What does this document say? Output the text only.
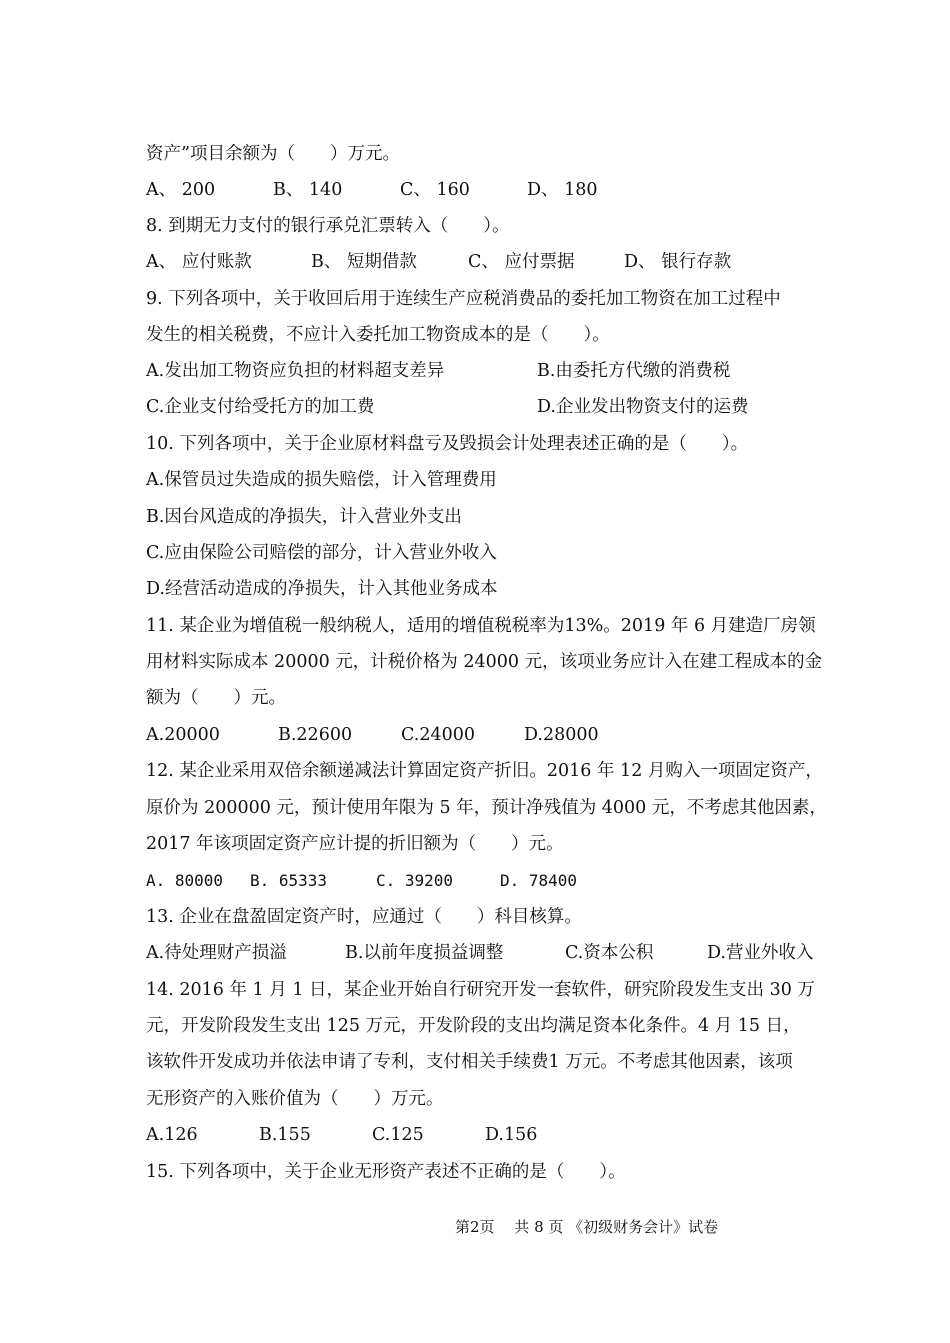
资产”项目余额为（　　）万元。
A、 200	B、 140	C、 160	D、 180
8. 到期无力支付的银行承兑汇票转入（　　）。
A、 应付账款	B、 短期借款	C、 应付票据	D、 银行存款
9. 下列各项中，关于收回后用于连续生产应税消费品的委托加工物资在加工过程中
发生的相关税费，不应计入委托加工物资成本的是（　　）。
A.发出加工物资应负担的材料超支差异	B.由委托方代缴的消费税
C.企业支付给受托方的加工费	D.企业发出物资支付的运费
10. 下列各项中，关于企业原材料盘亏及毁损会计处理表述正确的是（　　）。
A.保管员过失造成的损失赔偿，计入管理费用
B.因台风造成的净损失，计入营业外支出
C.应由保险公司赔偿的部分，计入营业外收入
D.经营活动造成的净损失，计入其他业务成本
11. 某企业为增值税一般纳税人，适用的增值税税率为13%。2019 年 6 月建造厂房领
用材料实际成本 20000 元，计税价格为 24000 元，该项业务应计入在建工程成本的金
额为（　　）元。
A.20000	B.22600	C.24000	D.28000
12. 某企业采用双倍余额递减法计算固定资产折旧。2016 年 12 月购入一项固定资产，
原价为 200000 元，预计使用年限为 5 年，预计净残值为 4000 元，不考虑其他因素，
2017 年该项固定资产应计提的折旧额为（　　）元。
A. 80000 B. 65333	C. 39200	D. 78400
13. 企业在盘盈固定资产时，应通过（　　）科目核算。
A.待处理财产损溢	B.以前年度损益调整	C.资本公积	D.营业外收入
14. 2016 年 1 月 1 日，某企业开始自行研究开发一套软件，研究阶段发生支出 30 万
元，开发阶段发生支出 125 万元，开发阶段的支出均满足资本化条件。4 月 15 日，
该软件开发成功并依法申请了专利，支付相关手续费1 万元。不考虑其他因素，该项
无形资产的入账价值为（　　）万元。
A.126	B.155	C.125	D.156
15. 下列各项中，关于企业无形资产表述不正确的是（　　）。
第2页　 共 8 页 《初级财务会计》试卷
